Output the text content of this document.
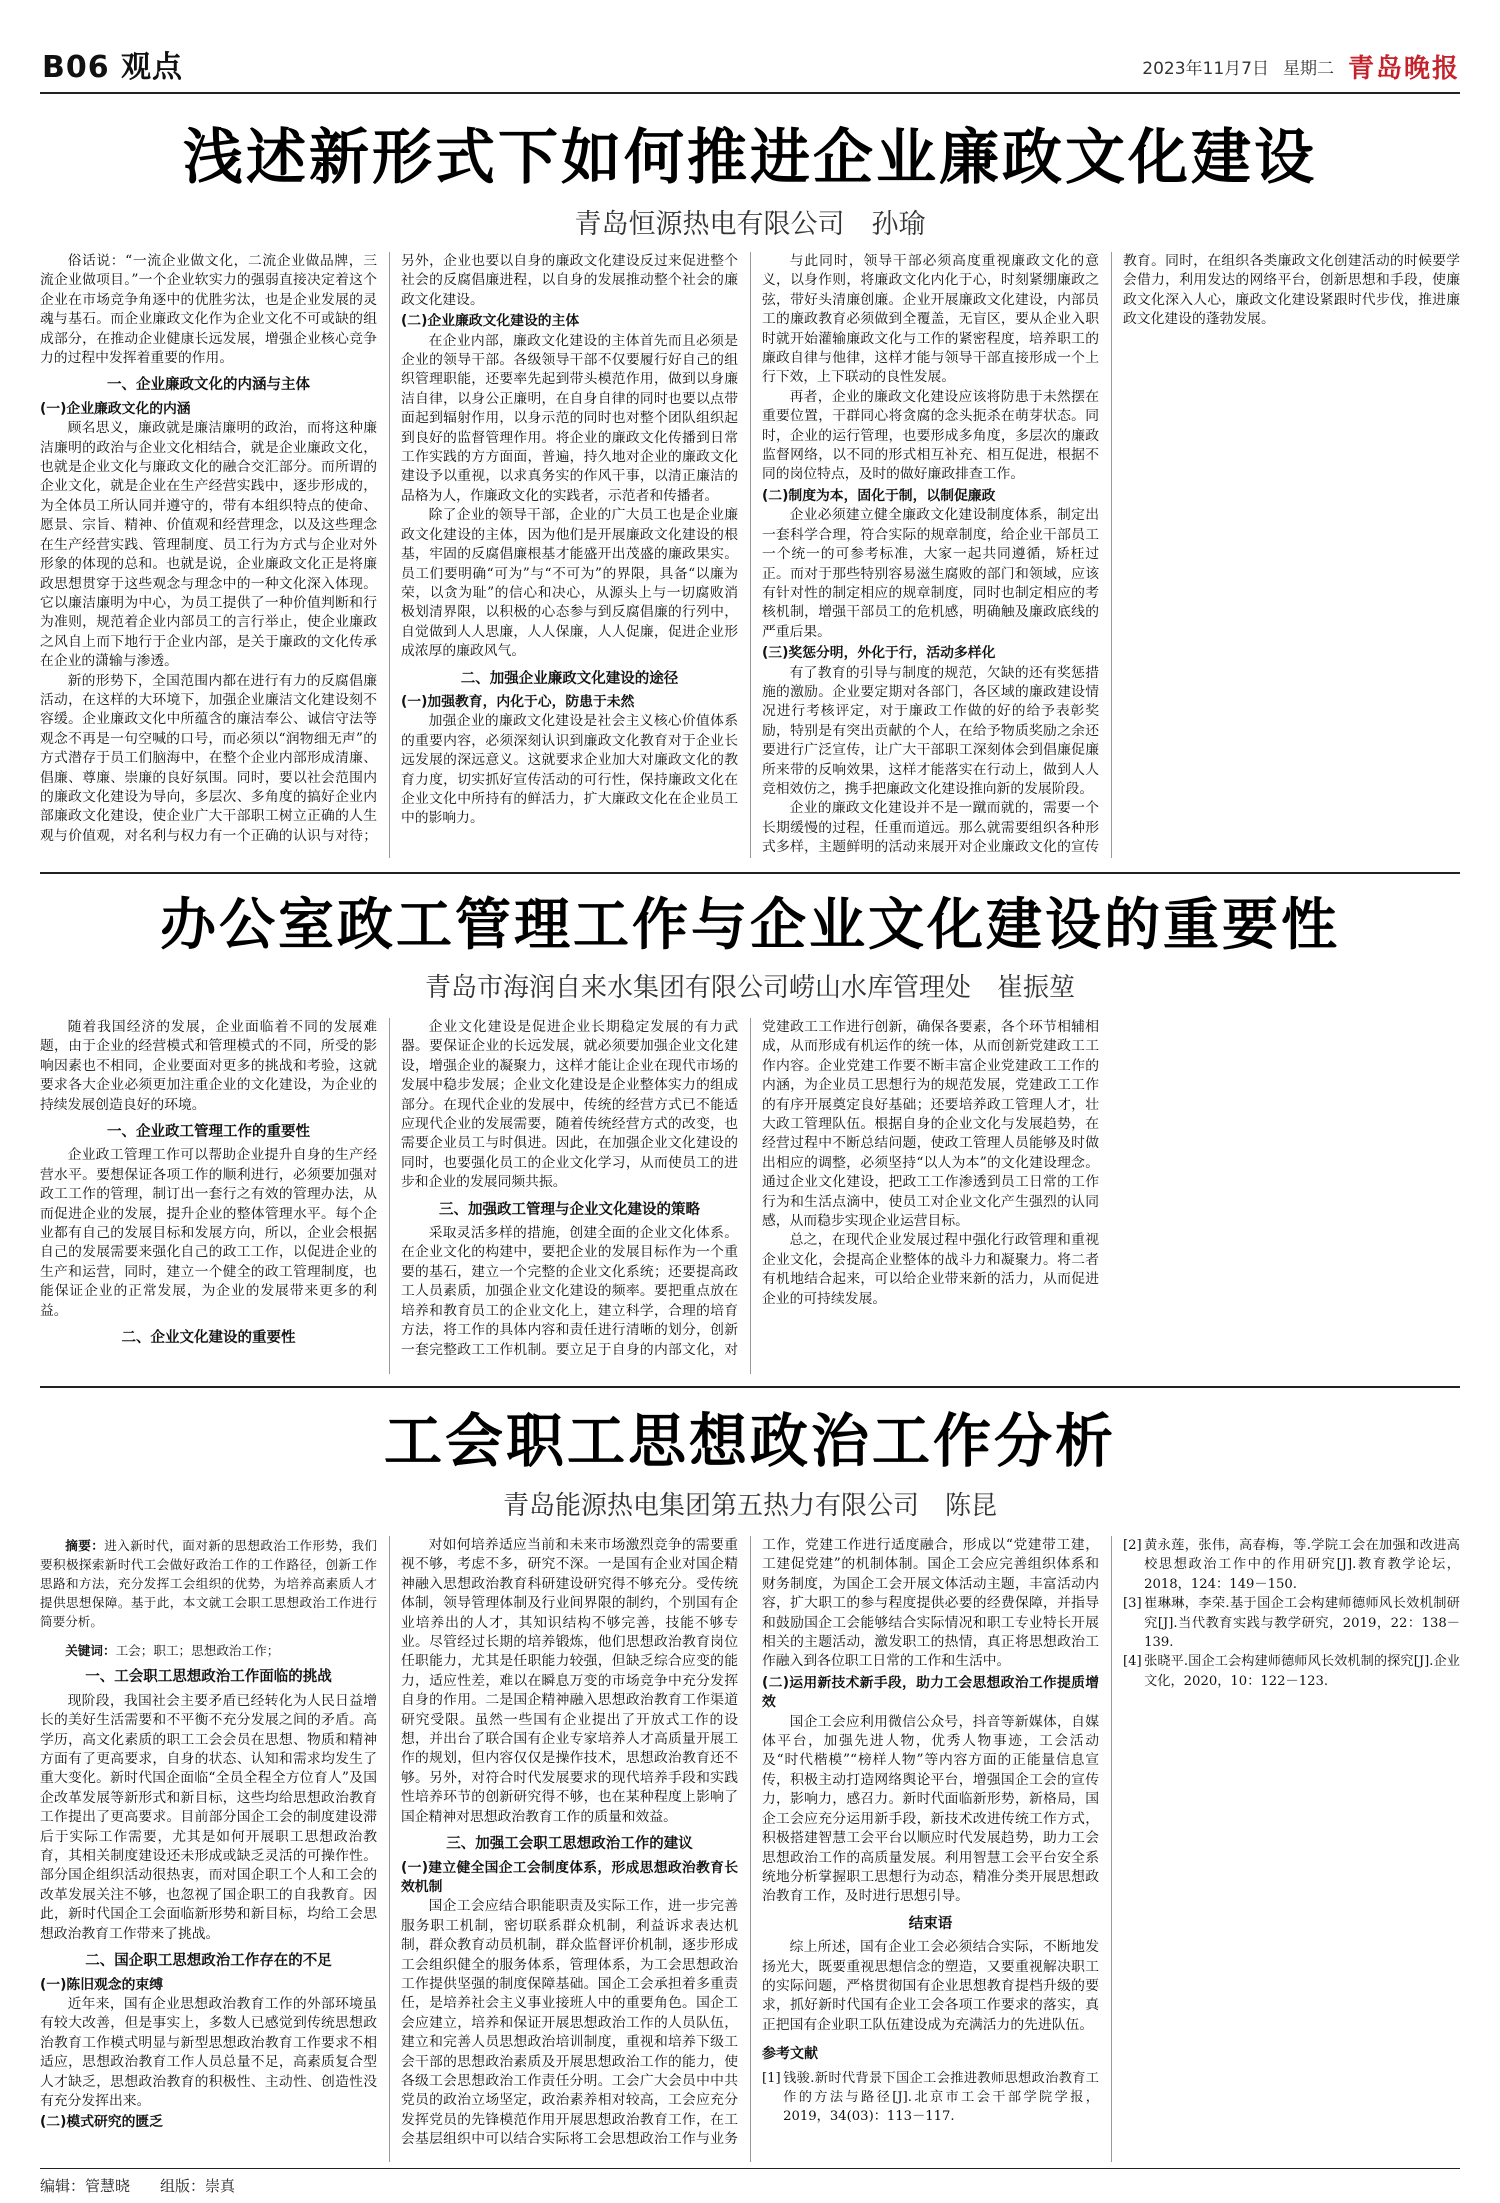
B06 观点	2023年11月7日 星期二 青岛晚报
浅述新形式下如何推进企业廉政文化建设
青岛恒源热电有限公司　孙瑜

俗话说：“一流企业做文化，二流企业做品牌，三流企业做项目。”一个企业软实力的强弱直接决定着这个企业在市场竞争角逐中的优胜劣汰，也是企业发展的灵魂与基石。而企业廉政文化作为企业文化不可或缺的组成部分，在推动企业健康长远发展，增强企业核心竞争力的过程中发挥着重要的作用。

一、企业廉政文化的内涵与主体
(一)企业廉政文化的内涵

顾名思义，廉政就是廉洁廉明的政治，而将这种廉洁廉明的政治与企业文化相结合，就是企业廉政文化，也就是企业文化与廉政文化的融合交汇部分。而所谓的企业文化，就是企业在生产经营实践中，逐步形成的，为全体员工所认同并遵守的，带有本组织特点的使命、愿景、宗旨、精神、价值观和经营理念，以及这些理念在生产经营实践、管理制度、员工行为方式与企业对外形象的体现的总和。也就是说，企业廉政文化正是将廉政思想贯穿于这些观念与理念中的一种文化深入体现。它以廉洁廉明为中心，为员工提供了一种价值判断和行为准则，规范着企业内部员工的言行举止，使企业廉政之风自上而下地行于企业内部，是关于廉政的文化传承在企业的潇输与渗透。

新的形势下，全国范围内都在进行有力的反腐倡廉活动，在这样的大环境下，加强企业廉洁文化建设刻不容缓。企业廉政文化中所蕴含的廉洁奉公、诚信守法等观念不再是一句空喊的口号，而必须以“润物细无声”的方式潜存于员工们脑海中，在整个企业内部形成清廉、倡廉、尊廉、崇廉的良好氛围。同时，要以社会范围内的廉政文化建设为导向，多层次、多角度的搞好企业内部廉政文化建设，使企业广大干部职工树立正确的人生观与价值观，对名利与权力有一个正确的认识与对待；另外，企业也要以自身的廉政文化建设反过来促进整个社会的反腐倡廉进程，以自身的发展推动整个社会的廉政文化建设。

(二)企业廉政文化建设的主体

在企业内部，廉政文化建设的主体首先而且必须是企业的领导干部。各级领导干部不仅要履行好自己的组织管理职能，还要率先起到带头模范作用，做到以身廉洁自律，以身公正廉明，在自身自律的同时也要以点带面起到辐射作用，以身示范的同时也对整个团队组织起到良好的监督管理作用。将企业的廉政文化传播到日常工作实践的方方面面，普遍，持久地对企业的廉政文化建设予以重视，以求真务实的作风干事，以清正廉洁的品格为人，作廉政文化的实践者，示范者和传播者。

除了企业的领导干部，企业的广大员工也是企业廉政文化建设的主体，因为他们是开展廉政文化建设的根基，牢固的反腐倡廉根基才能盛开出茂盛的廉政果实。员工们要明确“可为”与“不可为”的界限，具备“以廉为荣，以贪为耻”的信心和决心，从源头上与一切腐败消极划清界限，以积极的心态参与到反腐倡廉的行列中，自觉做到人人思廉，人人保廉，人人促廉，促进企业形成浓厚的廉政风气。

二、加强企业廉政文化建设的途径
(一)加强教育，内化于心，防患于未然

加强企业的廉政文化建设是社会主义核心价值体系的重要内容，必须深刻认识到廉政文化教育对于企业长远发展的深远意义。这就要求企业加大对廉政文化的教育力度，切实抓好宣传活动的可行性，保持廉政文化在企业文化中所持有的鲜活力，扩大廉政文化在企业员工中的影响力。

与此同时，领导干部必须高度重视廉政文化的意义，以身作则，将廉政文化内化于心，时刻紧绷廉政之弦，带好头清廉创廉。企业开展廉政文化建设，内部员工的廉政教育必须做到全覆盖，无盲区，要从企业入职时就开始灌输廉政文化与工作的紧密程度，培养职工的廉政自律与他律，这样才能与领导干部直接形成一个上行下效，上下联动的良性发展。

再者，企业的廉政文化建设应该将防患于未然摆在重要位置，干群同心将贪腐的念头扼杀在萌芽状态。同时，企业的运行管理，也要形成多角度，多层次的廉政监督网络，以不同的形式相互补充、相互促进，根据不同的岗位特点，及时的做好廉政排查工作。

(二)制度为本，固化于制，以制促廉政

企业必须建立健全廉政文化建设制度体系，制定出一套科学合理，符合实际的规章制度，给企业干部员工一个统一的可参考标准，大家一起共同遵循，矫枉过正。而对于那些特别容易滋生腐败的部门和领域，应该有针对性的制定相应的规章制度，同时也制定相应的考核机制，增强干部员工的危机感，明确触及廉政底线的严重后果。

(三)奖惩分明，外化于行，活动多样化

有了教育的引导与制度的规范，欠缺的还有奖惩措施的激励。企业要定期对各部门，各区域的廉政建设情况进行考核评定，对于廉政工作做的好的给予表彰奖励，特别是有突出贡献的个人，在给予物质奖励之余还要进行广泛宣传，让广大干部职工深刻体会到倡廉促廉所来带的反响效果，这样才能落实在行动上，做到人人竞相效仿之，携手把廉政文化建设推向新的发展阶段。

企业的廉政文化建设并不是一蹴而就的，需要一个长期缓慢的过程，任重而道远。那么就需要组织各种形式多样，主题鲜明的活动来展开对企业廉政文化的宣传教育。同时，在组织各类廉政文化创建活动的时候要学会借力，利用发达的网络平台，创新思想和手段，使廉政文化深入人心，廉政文化建设紧跟时代步伐，推进廉政文化建设的蓬勃发展。

办公室政工管理工作与企业文化建设的重要性
青岛市海润自来水集团有限公司崂山水库管理处　崔振堃

随着我国经济的发展，企业面临着不同的发展难题，由于企业的经营模式和管理模式的不同，所受的影响因素也不相同，企业要面对更多的挑战和考验，这就要求各大企业必须更加注重企业的文化建设，为企业的持续发展创造良好的环境。

一、企业政工管理工作的重要性

企业政工管理工作可以帮助企业提升自身的生产经营水平。要想保证各项工作的顺利进行，必须要加强对政工工作的管理，制订出一套行之有效的管理办法，从而促进企业的发展，提升企业的整体管理水平。每个企业都有自己的发展目标和发展方向，所以，企业会根据自己的发展需要来强化自己的政工工作，以促进企业的生产和运营，同时，建立一个健全的政工管理制度，也能保证企业的正常发展，为企业的发展带来更多的利益。

二、企业文化建设的重要性

企业文化建设是促进企业长期稳定发展的有力武器。要保证企业的长远发展，就必须要加强企业文化建设，增强企业的凝聚力，这样才能让企业在现代市场的发展中稳步发展；企业文化建设是企业整体实力的组成部分。在现代企业的发展中，传统的经营方式已不能适应现代企业的发展需要，随着传统经营方式的改变，也需要企业员工与时俱进。因此，在加强企业文化建设的同时，也要强化员工的企业文化学习，从而使员工的进步和企业的发展同频共振。

三、加强政工管理与企业文化建设的策略

采取灵活多样的措施，创建全面的企业文化体系。在企业文化的构建中，要把企业的发展目标作为一个重要的基石，建立一个完整的企业文化系统；还要提高政工人员素质，加强企业文化建设的频率。要把重点放在培养和教育员工的企业文化上，建立科学，合理的培育方法，将工作的具体内容和责任进行清晰的划分，创新一套完整政工工作机制。要立足于自身的内部文化，对党建政工工作进行创新，确保各要素，各个环节相辅相成，从而形成有机运作的统一体，从而创新党建政工工作内容。企业党建工作要不断丰富企业党建政工工作的内涵，为企业员工思想行为的规范发展，党建政工工作的有序开展奠定良好基础；还要培养政工管理人才，壮大政工管理队伍。根据自身的企业文化与发展趋势，在经营过程中不断总结问题，使政工管理人员能够及时做出相应的调整，必须坚持“以人为本”的文化建设理念。通过企业文化建设，把政工工作渗透到员工日常的工作行为和生活点滴中，使员工对企业文化产生强烈的认同感，从而稳步实现企业运营目标。

总之，在现代企业发展过程中强化行政管理和重视企业文化，会提高企业整体的战斗力和凝聚力。将二者有机地结合起来，可以给企业带来新的活力，从而促进企业的可持续发展。

工会职工思想政治工作分析
青岛能源热电集团第五热力有限公司　陈昆

摘要：进入新时代，面对新的思想政治工作形势，我们要积极探索新时代工会做好政治工作的工作路径，创新工作思路和方法，充分发挥工会组织的优势，为培养高素质人才提供思想保障。基于此，本文就工会职工思想政治工作进行简要分析。

关键词：工会；职工；思想政治工作；

一、工会职工思想政治工作面临的挑战

现阶段，我国社会主要矛盾已经转化为人民日益增长的美好生活需要和不平衡不充分发展之间的矛盾。高学历，高文化素质的职工工会会员在思想、物质和精神方面有了更高要求，自身的状态、认知和需求均发生了重大变化。新时代国企面临“全员全程全方位育人”及国企改革发展等新形式和新目标，这些均给思想政治教育工作提出了更高要求。目前部分国企工会的制度建设滞后于实际工作需要，尤其是如何开展职工思想政治教育，其相关制度建设还未形成或缺乏灵活的可操作性。部分国企组织活动很热衷，而对国企职工个人和工会的改革发展关注不够，也忽视了国企职工的自我教育。因此，新时代国企工会面临新形势和新目标，均给工会思想政治教育工作带来了挑战。

二、国企职工思想政治工作存在的不足
(一)陈旧观念的束缚

近年来，国有企业思想政治教育工作的外部环境虽有较大改善，但是事实上，多数人已感觉到传统思想政治教育工作模式明显与新型思想政治教育工作要求不相适应，思想政治教育工作人员总量不足，高素质复合型人才缺乏，思想政治教育的积极性、主动性、创造性没有充分发挥出来。

(二)模式研究的匮乏

对如何培养适应当前和未来市场激烈竞争的需要重视不够，考虑不多，研究不深。一是国有企业对国企精神融入思想政治教育科研建设研究得不够充分。受传统体制，领导管理体制及行业间界限的制约，个别国有企业培养出的人才，其知识结构不够完善，技能不够专业。尽管经过长期的培养锻炼，他们思想政治教育岗位任职能力，尤其是任职能力较强，但缺乏综合应变的能力，适应性差，难以在瞬息万变的市场竞争中充分发挥自身的作用。二是国企精神融入思想政治教育工作渠道研究受限。虽然一些国有企业提出了开放式工作的设想，并出台了联合国有企业专家培养人才高质量开展工作的规划，但内容仅仅是操作技术，思想政治教育还不够。另外，对符合时代发展要求的现代培养手段和实践性培养环节的创新研究得不够，也在某种程度上影响了国企精神对思想政治教育工作的质量和效益。

三、加强工会职工思想政治工作的建议
(一)建立健全国企工会制度体系，形成思想政治教育长效机制

国企工会应结合职能职责及实际工作，进一步完善服务职工机制，密切联系群众机制，利益诉求表达机制，群众教育动员机制，群众监督评价机制，逐步形成工会组织健全的服务体系，管理体系，为工会思想政治工作提供坚强的制度保障基础。国企工会承担着多重责任，是培养社会主义事业接班人中的重要角色。国企工会应建立，培养和保证开展思想政治工作的人员队伍，建立和完善人员思想政治培训制度，重视和培养下级工会干部的思想政治素质及开展思想政治工作的能力，使各级工会思想政治工作责任分明。工会广大会员中中共党员的政治立场坚定，政治素养相对较高，工会应充分发挥党员的先锋模范作用开展思想政治教育工作，在工会基层组织中可以结合实际将工会思想政治工作与业务工作，党建工作进行适度融合，形成以“党建带工建，工建促党建”的机制体制。国企工会应完善组织体系和财务制度，为国企工会开展文体活动主题，丰富活动内容，扩大职工的参与程度提供必要的经费保障，并指导和鼓励国企工会能够结合实际情况和职工专业特长开展相关的主题活动，激发职工的热情，真正将思想政治工作融入到各位职工日常的工作和生活中。

(二)运用新技术新手段，助力工会思想政治工作提质增效

国企工会应利用微信公众号，抖音等新媒体，自媒体平台，加强先进人物，优秀人物事迹，工会活动及“时代楷模”“榜样人物”等内容方面的正能量信息宣传，积极主动打造网络舆论平台，增强国企工会的宣传力，影响力，感召力。新时代面临新形势，新格局，国企工会应充分运用新手段，新技术改进传统工作方式，积极搭建智慧工会平台以顺应时代发展趋势，助力工会思想政治工作的高质量发展。利用智慧工会平台安全系统地分析掌握职工思想行为动态，精准分类开展思想政治教育工作，及时进行思想引导。

结束语

综上所述，国有企业工会必须结合实际，不断地发扬光大，既要重视思想信念的塑造，又要重视解决职工的实际问题，严格贯彻国有企业思想教育提档升级的要求，抓好新时代国有企业工会各项工作要求的落实，真正把国有企业职工队伍建设成为充满活力的先进队伍。

参考文献

[1] 钱骏.新时代背景下国企工会推进教师思想政治教育工作的方法与路径[J].北京市工会干部学院学报，2019，34(03)：113－117.

[2] 黄永莲，张伟，高春梅，等.学院工会在加强和改进高校思想政治工作中的作用研究[J].教育教学论坛，2018，124：149－150.

[3] 崔琳琳，李荣.基于国企工会构建师德师风长效机制研究[J].当代教育实践与教学研究，2019，22：138－139.

[4] 张晓平.国企工会构建师德师风长效机制的探究[J].企业文化，2020，10：122－123.

编辑：管慧晓 组版：崇真
